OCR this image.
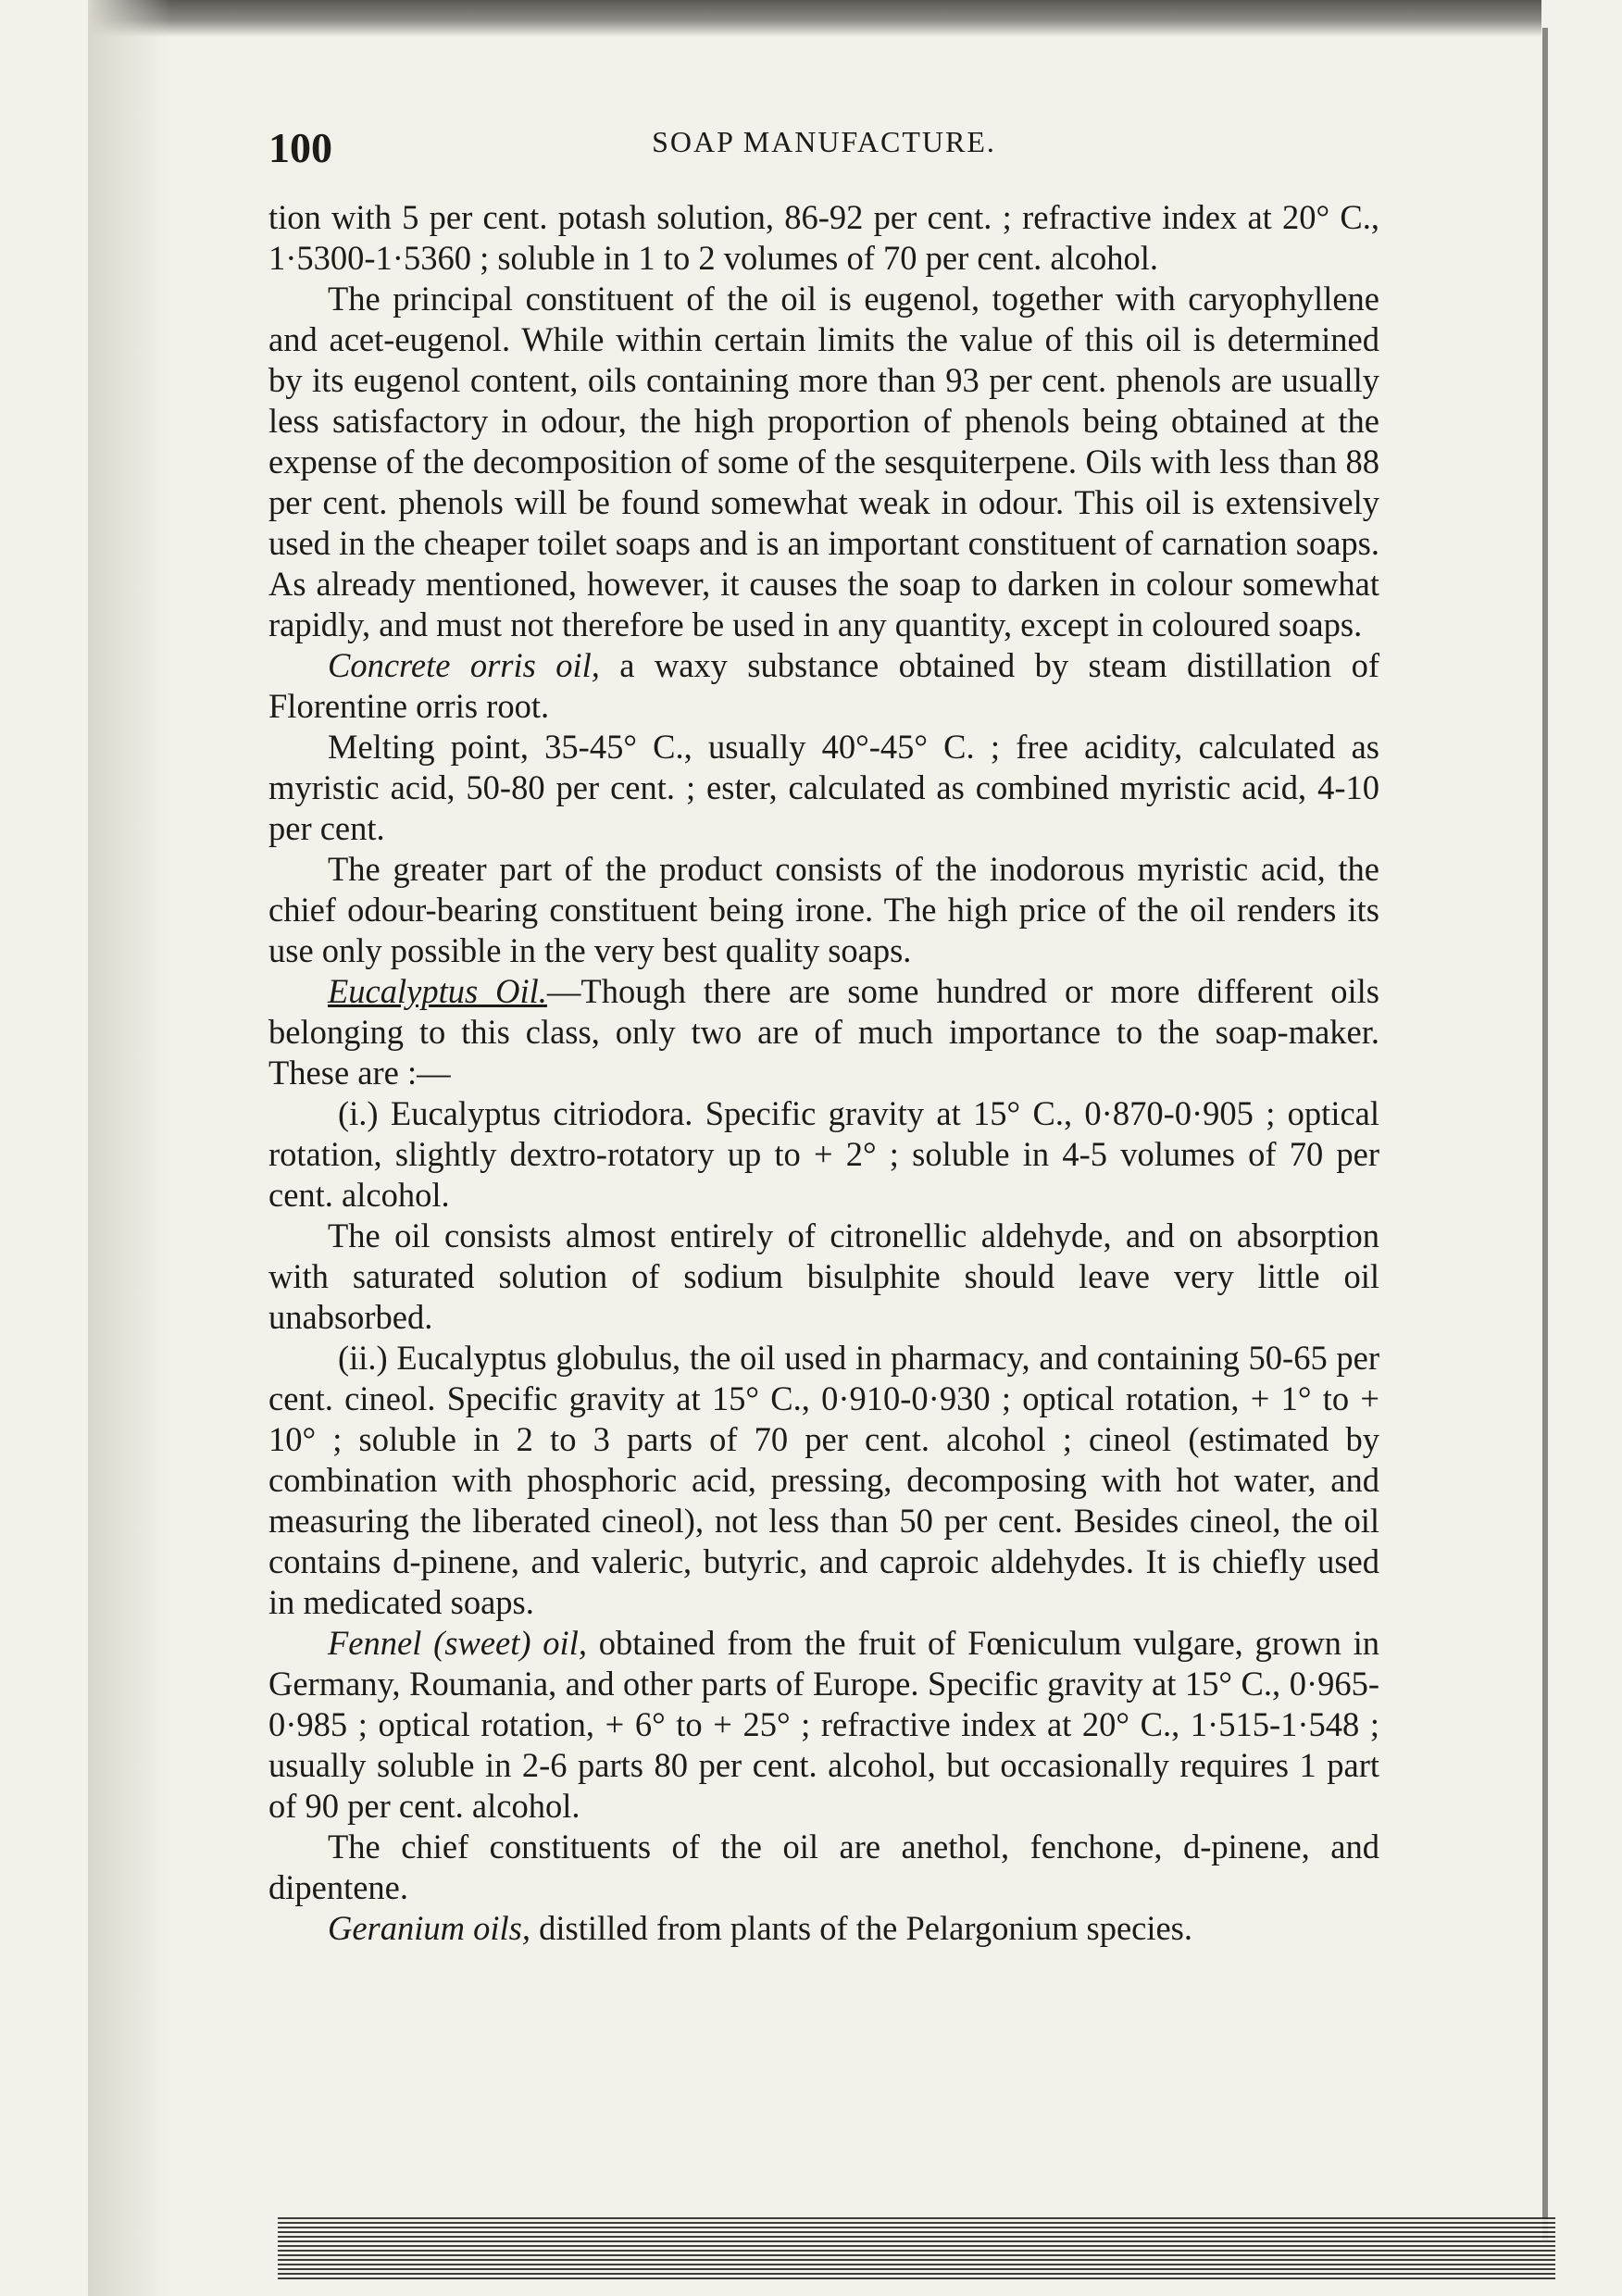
100	SOAP MANUFACTURE.

tion with 5 per cent. potash solution, 86-92 per cent. ; refractive index at 20° C., 1·5300-1·5360 ; soluble in 1 to 2 volumes of 70 per cent. alcohol.

The principal constituent of the oil is eugenol, together with caryophyllene and acet-eugenol. While within certain limits the value of this oil is determined by its eugenol content, oils containing more than 93 per cent. phenols are usually less satisfactory in odour, the high proportion of phenols being obtained at the expense of the decomposition of some of the sesquiterpene. Oils with less than 88 per cent. phenols will be found somewhat weak in odour. This oil is extensively used in the cheaper toilet soaps and is an important constituent of carnation soaps. As already mentioned, however, it causes the soap to darken in colour somewhat rapidly, and must not therefore be used in any quantity, except in coloured soaps.

Concrete orris oil, a waxy substance obtained by steam distillation of Florentine orris root.

Melting point, 35-45° C., usually 40°-45° C. ; free acidity, calculated as myristic acid, 50-80 per cent. ; ester, calculated as combined myristic acid, 4-10 per cent.

The greater part of the product consists of the inodorous myristic acid, the chief odour-bearing constituent being irone. The high price of the oil renders its use only possible in the very best quality soaps.

Eucalyptus Oil.—Though there are some hundred or more different oils belonging to this class, only two are of much importance to the soap-maker. These are :—

(i.) Eucalyptus citriodora. Specific gravity at 15° C., 0·870-0·905 ; optical rotation, slightly dextro-rotatory up to + 2° ; soluble in 4-5 volumes of 70 per cent. alcohol.

The oil consists almost entirely of citronellic aldehyde, and on absorption with saturated solution of sodium bisulphite should leave very little oil unabsorbed.

(ii.) Eucalyptus globulus, the oil used in pharmacy, and containing 50-65 per cent. cineol. Specific gravity at 15° C., 0·910-0·930 ; optical rotation, + 1° to + 10° ; soluble in 2 to 3 parts of 70 per cent. alcohol ; cineol (estimated by combination with phosphoric acid, pressing, decomposing with hot water, and measuring the liberated cineol), not less than 50 per cent. Besides cineol, the oil contains d-pinene, and valeric, butyric, and caproic aldehydes. It is chiefly used in medicated soaps.

Fennel (sweet) oil, obtained from the fruit of Fœniculum vulgare, grown in Germany, Roumania, and other parts of Europe. Specific gravity at 15° C., 0·965-0·985 ; optical rotation, + 6° to + 25° ; refractive index at 20° C., 1·515-1·548 ; usually soluble in 2-6 parts 80 per cent. alcohol, but occasionally requires 1 part of 90 per cent. alcohol.

The chief constituents of the oil are anethol, fenchone, d-pinene, and dipentene.

Geranium oils, distilled from plants of the Pelargonium species.
